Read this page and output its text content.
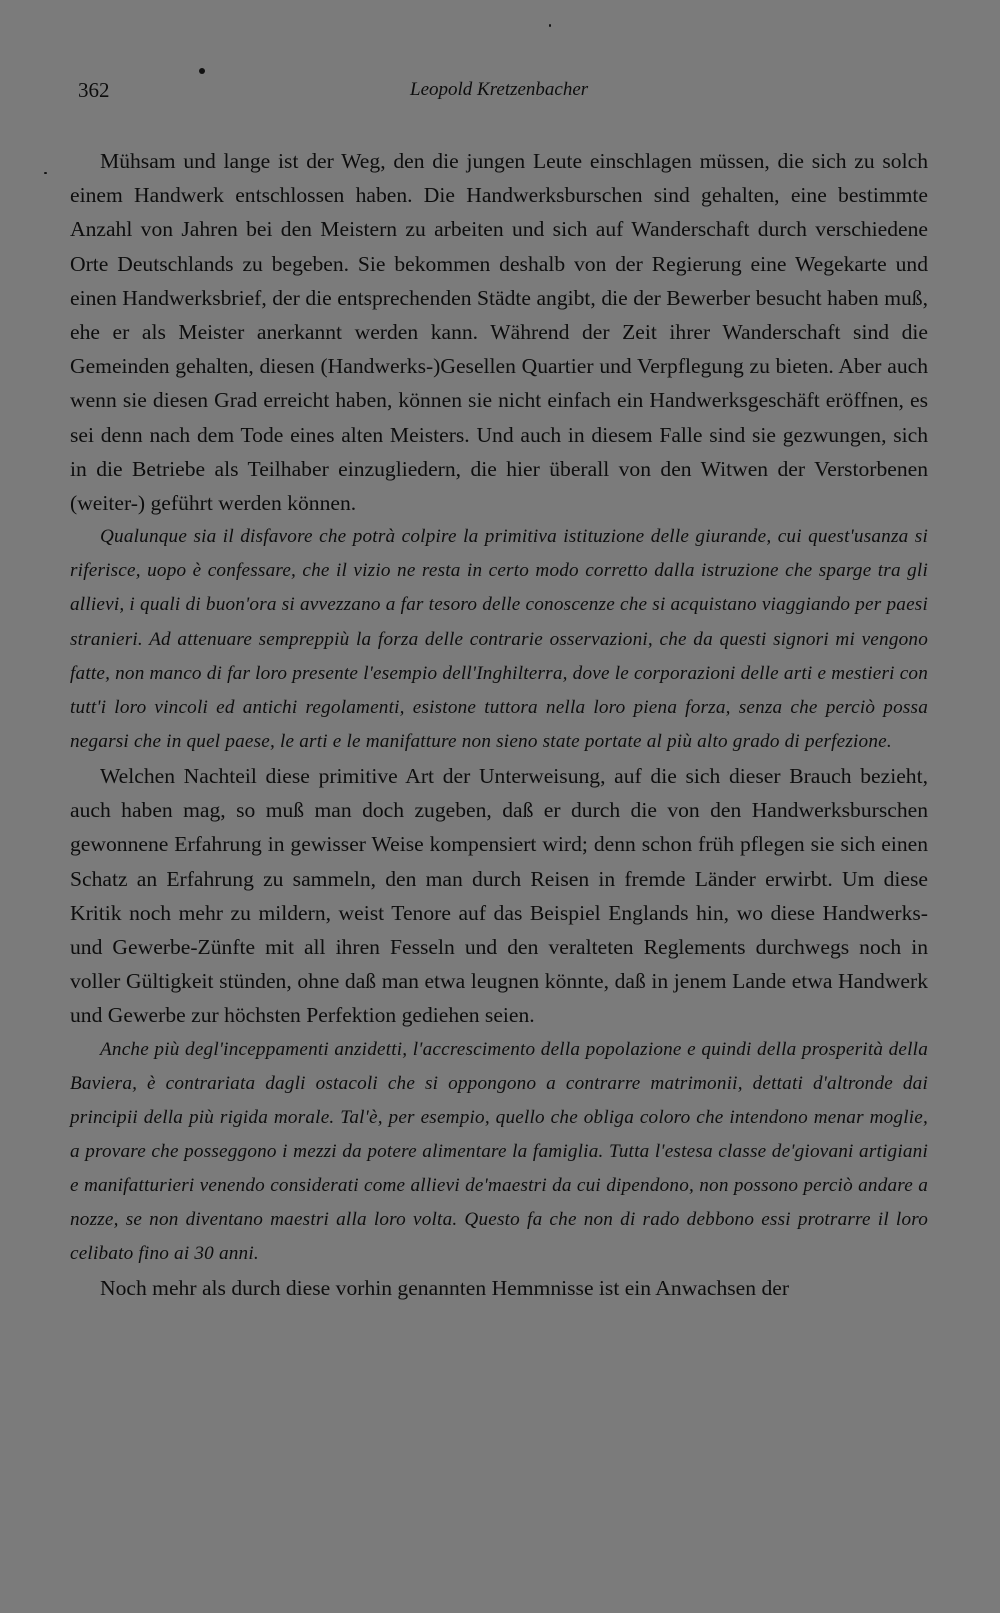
362	Leopold Kretzenbacher

Mühsam und lange ist der Weg, den die jungen Leute einschlagen müssen, die sich zu solch einem Handwerk entschlossen haben. Die Handwerksburschen sind gehalten, eine bestimmte Anzahl von Jahren bei den Meistern zu arbeiten und sich auf Wanderschaft durch verschiedene Orte Deutschlands zu begeben. Sie bekommen deshalb von der Regierung eine Wegekarte und einen Handwerksbrief, der die entsprechenden Städte angibt, die der Bewerber besucht haben muß, ehe er als Meister anerkannt werden kann. Während der Zeit ihrer Wanderschaft sind die Gemeinden gehalten, diesen (Handwerks-)Gesellen Quartier und Verpflegung zu bieten. Aber auch wenn sie diesen Grad erreicht haben, können sie nicht einfach ein Handwerksgeschäft eröffnen, es sei denn nach dem Tode eines alten Meisters. Und auch in diesem Falle sind sie gezwungen, sich in die Betriebe als Teilhaber einzugliedern, die hier überall von den Witwen der Verstorbenen (weiter-) geführt werden können.

Qualunque sia il disfavore che potrà colpire la primitiva istituzione delle giurande, cui quest'usanza si riferisce, uopo è confessare, che il vizio ne resta in certo modo corretto dalla istruzione che sparge tra gli allievi, i quali di buon'ora si avvezzano a far tesoro delle conoscenze che si acquistano viaggiando per paesi stranieri. Ad attenuare sempreppiù la forza delle contrarie osservazioni, che da questi signori mi vengono fatte, non manco di far loro presente l'esempio dell'Inghilterra, dove le corporazioni delle arti e mestieri con tutt'i loro vincoli ed antichi regolamenti, esistone tuttora nella loro piena forza, senza che perciò possa negarsi che in quel paese, le arti e le manifatture non sieno state portate al più alto grado di perfezione.

Welchen Nachteil diese primitive Art der Unterweisung, auf die sich dieser Brauch bezieht, auch haben mag, so muß man doch zugeben, daß er durch die von den Handwerksburschen gewonnene Erfahrung in gewisser Weise kompensiert wird; denn schon früh pflegen sie sich einen Schatz an Erfahrung zu sammeln, den man durch Reisen in fremde Länder erwirbt. Um diese Kritik noch mehr zu mildern, weist Tenore auf das Beispiel Englands hin, wo diese Handwerks- und Gewerbe-Zünfte mit all ihren Fesseln und den veralteten Reglements durchwegs noch in voller Gültigkeit stünden, ohne daß man etwa leugnen könnte, daß in jenem Lande etwa Handwerk und Gewerbe zur höchsten Perfektion gediehen seien.

Anche più degl'inceppamenti anzidetti, l'accrescimento della popolazione e quindi della prosperità della Baviera, è contrariata dagli ostacoli che si oppongono a contrarre matrimonii, dettati d'altronde dai principii della più rigida morale. Tal'è, per esempio, quello che obliga coloro che intendono menar moglie, a provare che posseggono i mezzi da potere alimentare la famiglia. Tutta l'estesa classe de'giovani artigiani e manifatturieri venendo considerati come allievi de'maestri da cui dipendono, non possono perciò andare a nozze, se non diventano maestri alla loro volta. Questo fa che non di rado debbono essi protrarre il loro celibato fino ai 30 anni.

Noch mehr als durch diese vorhin genannten Hemmnisse ist ein Anwachsen der
